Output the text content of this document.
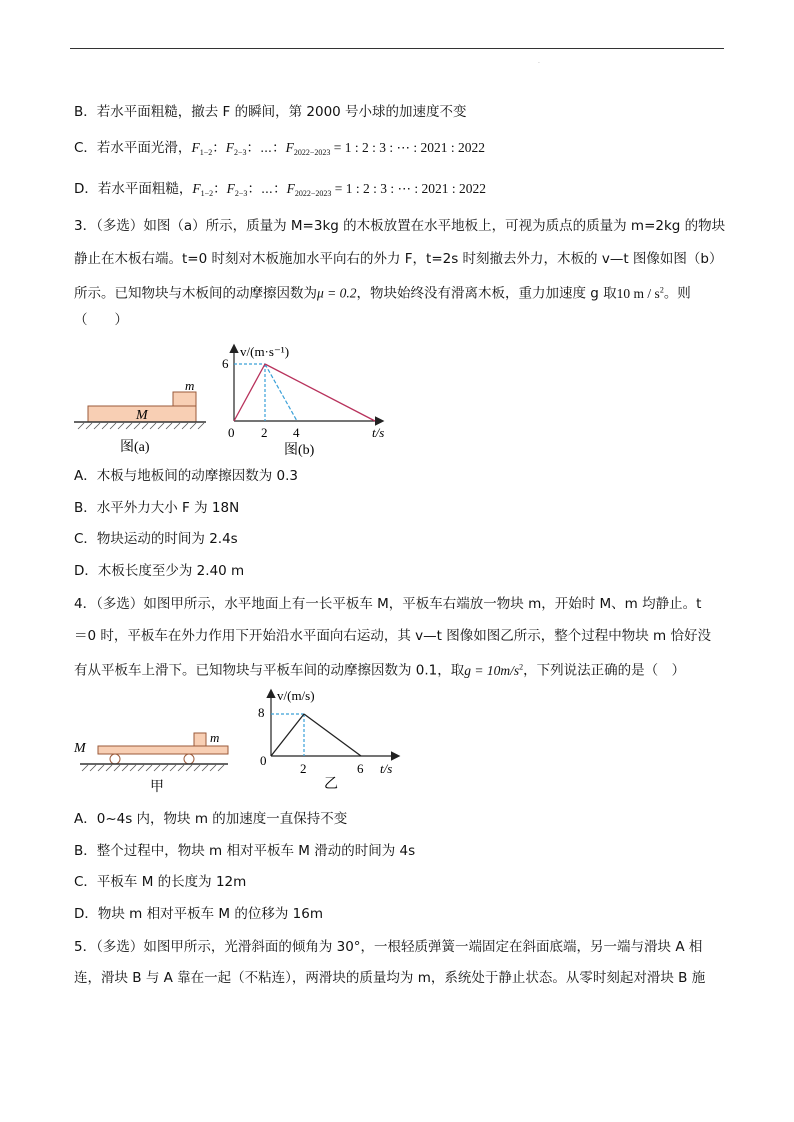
.
B．若水平面粗糙，撤去 F 的瞬间，第 2000 号小球的加速度不变
C．若水平面光滑，$F_{1-2}$：$F_{2-3}$：⋯：$F_{2022-2023} = 1$ : 2 : 3 : ⋯ : 2021 : 2022
D．若水平面粗糙，$F_{1-2}$：$F_{2-3}$：⋯：$F_{2022-2023} = 1$ : 2 : 3 : ⋯ : 2021 : 2022
3．（多选）如图（a）所示，质量为 M=3kg 的木板放置在水平地板上，可视为质点的质量为 m=2kg 的物块
静止在木板右端。t=0 时刻对木板施加水平向右的外力 F，t=2s 时刻撤去外力，木板的 v—t 图像如图（b）
所示。已知物块与木板间的动摩擦因数为μ = 0.2，物块始终没有滑离木板，重力加速度 g 取10 m / $s^2$。则
（　　）
M
m
图(a)
v/(m·s⁻¹)
6
0 2 4	t/s
图(b)
A．木板与地板间的动摩擦因数为 0.3
B．水平外力大小 F 为 18N
C．物块运动的时间为 2.4s
D．木板长度至少为 2.40 m
4．（多选）如图甲所示，水平地面上有一长平板车 M，平板车右端放一物块 m，开始时 M、m 均静止。t
＝0 时，平板车在外力作用下开始沿水平面向右运动，其 v—t 图像如图乙所示，整个过程中物块 m 恰好没
有从平板车上滑下。已知物块与平板车间的动摩擦因数为 0.1，取$g = 10m/s^2$，下列说法正确的是（　）
M
m
甲
v/(m/s)
8
0
2	6 t/s
乙
A．0~4s 内，物块 m 的加速度一直保持不变
B．整个过程中，物块 m 相对平板车 M 滑动的时间为 4s
C．平板车 M 的长度为 12m
D．物块 m 相对平板车 M 的位移为 16m
5．（多选）如图甲所示，光滑斜面的倾角为 30°，一根轻质弹簧一端固定在斜面底端，另一端与滑块 A 相
连，滑块 B 与 A 靠在一起（不粘连），两滑块的质量均为 m，系统处于静止状态。从零时刻起对滑块 B 施
